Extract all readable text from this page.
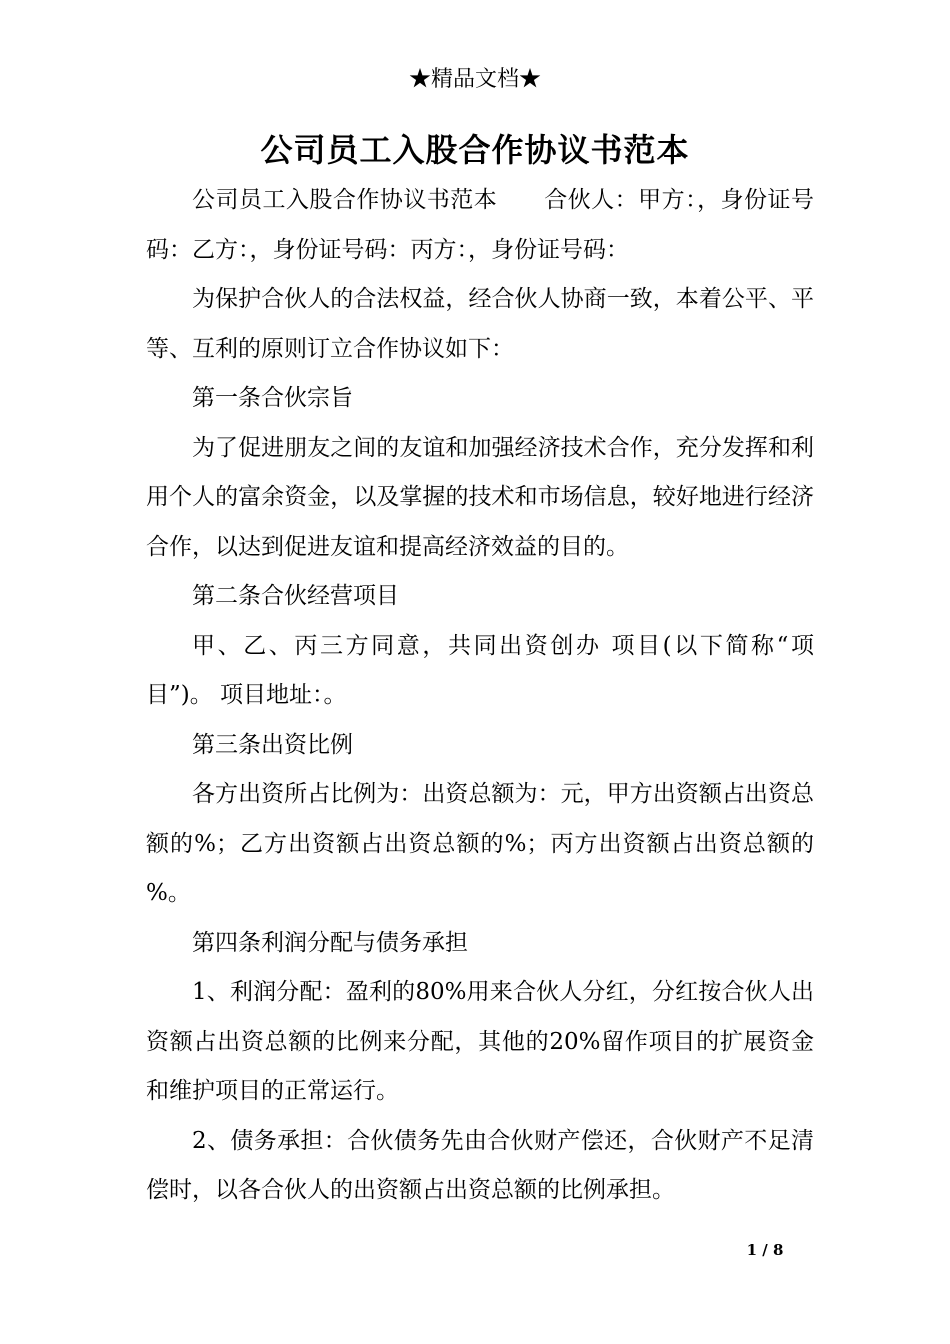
★精品文档★
公司员工入股合作协议书范本

公司员工入股合作协议书范本　　合伙人：甲方：，身份证号码：乙方：，身份证号码：丙方：，身份证号码：

为保护合伙人的合法权益，经合伙人协商一致，本着公平、平等、互利的原则订立合作协议如下：

第一条合伙宗旨

为了促进朋友之间的友谊和加强经济技术合作，充分发挥和利用个人的富余资金，以及掌握的技术和市场信息，较好地进行经济合作，以达到促进友谊和提高经济效益的目的。

第二条合伙经营项目

甲、乙、丙三方同意，共同出资创办 项目(以下简称“项目”)。 项目地址：。

第三条出资比例

各方出资所占比例为：出资总额为：元，甲方出资额占出资总额的%；乙方出资额占出资总额的%；丙方出资额占出资总额的 %。

第四条利润分配与债务承担

1、利润分配：盈利的80%用来合伙人分红，分红按合伙人出资额占出资总额的比例来分配，其他的20%留作项目的扩展资金和维护项目的正常运行。

2、债务承担：合伙债务先由合伙财产偿还，合伙财产不足清偿时，以各合伙人的出资额占出资总额的比例承担。

1 / 8
